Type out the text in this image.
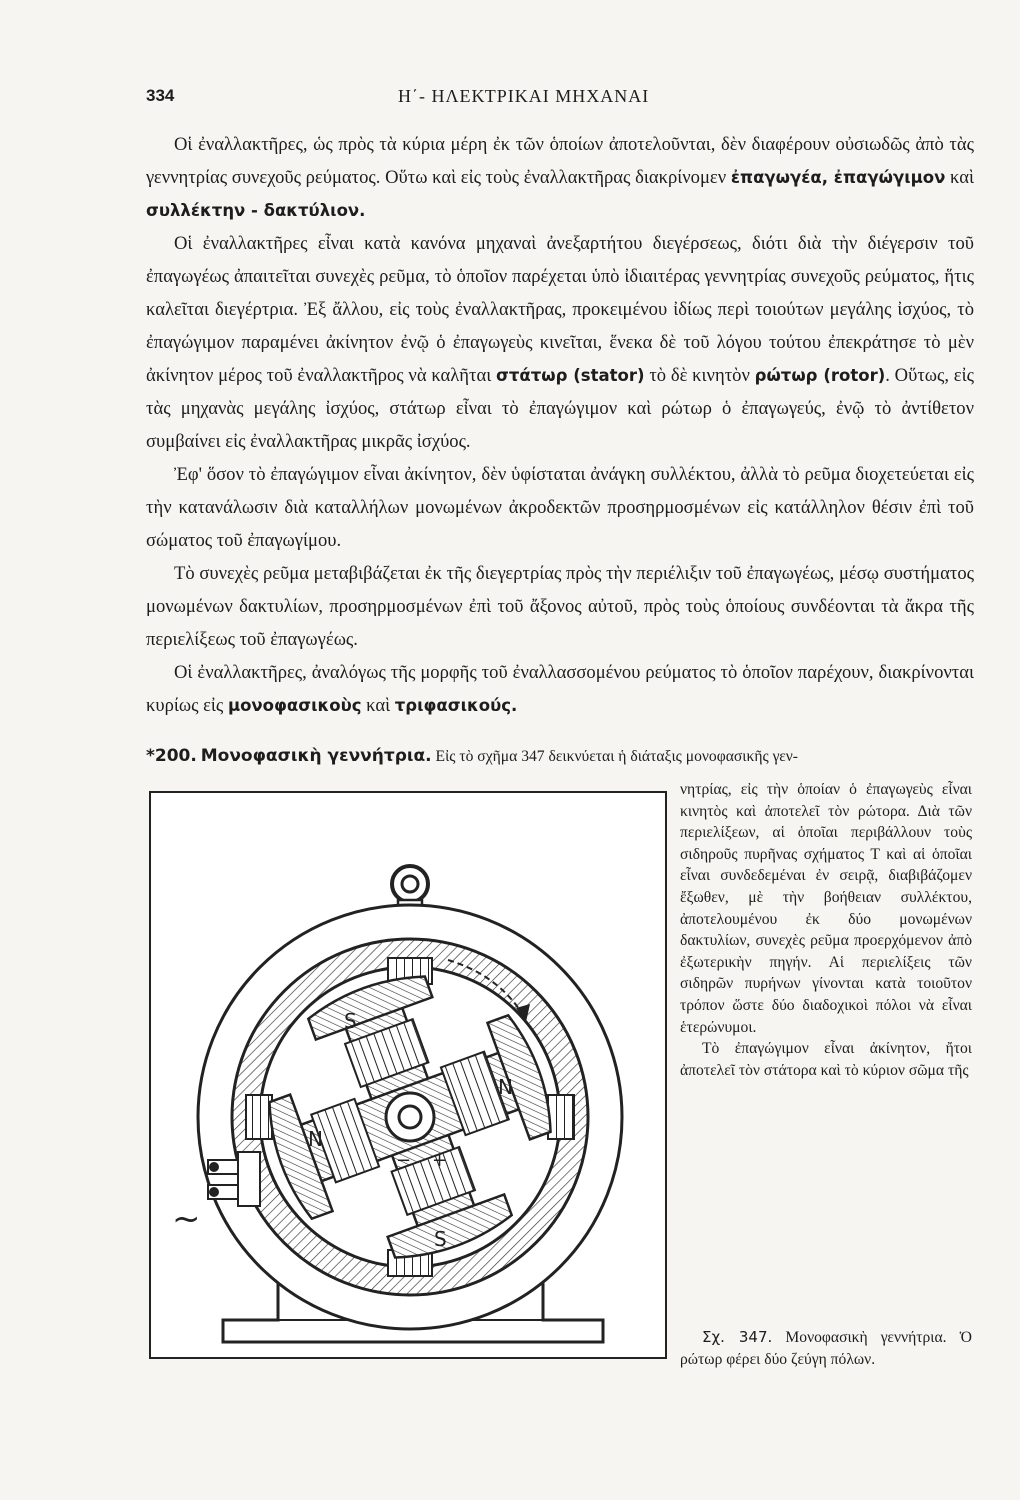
334	Η΄- ΗΛΕΚΤΡΙΚΑΙ ΜΗΧΑΝΑΙ

Οἱ ἐναλλακτῆρες, ὡς πρὸς τὰ κύρια μέρη ἐκ τῶν ὁποίων ἀποτελοῦνται, δὲν διαφέρουν οὐσιωδῶς ἀπὸ τὰς γεννητρίας συνεχοῦς ρεύματος. Οὕτω καὶ εἰς τοὺς ἐναλλακτῆρας διακρίνομεν ἐπαγωγέα, ἐπαγώγιμον καὶ συλλέκτην - δακτύλιον.

Οἱ ἐναλλακτῆρες εἶναι κατὰ κανόνα μηχαναὶ ἀνεξαρτήτου διεγέρσεως, διότι διὰ τὴν διέγερσιν τοῦ ἐπαγωγέως ἀπαιτεῖται συνεχὲς ρεῦμα, τὸ ὁποῖον παρέχεται ὑπὸ ἰδιαιτέρας γεννητρίας συνεχοῦς ρεύματος, ἥτις καλεῖται διεγέρτρια. Ἐξ ἄλλου, εἰς τοὺς ἐναλλακτῆρας, προκειμένου ἰδίως περὶ τοιούτων μεγάλης ἰσχύος, τὸ ἐπαγώγιμον παραμένει ἀκίνητον ἐνῷ ὁ ἐπαγωγεὺς κινεῖται, ἕνεκα δὲ τοῦ λόγου τούτου ἐπεκράτησε τὸ μὲν ἀκίνητον μέρος τοῦ ἐναλλακτῆρος νὰ καλῆται στάτωρ (stator) τὸ δὲ κινητὸν ρώτωρ (rotor). Οὕτως, εἰς τὰς μηχανὰς μεγάλης ἰσχύος, στάτωρ εἶναι τὸ ἐπαγώγιμον καὶ ρώτωρ ὁ ἐπαγωγεύς, ἐνῷ τὸ ἀντίθετον συμβαίνει εἰς ἐναλλακτῆρας μικρᾶς ἰσχύος.

Ἐφ' ὅσον τὸ ἐπαγώγιμον εἶναι ἀκίνητον, δὲν ὑφίσταται ἀνάγκη συλλέκτου, ἀλλὰ τὸ ρεῦμα διοχετεύεται εἰς τὴν κατανάλωσιν διὰ καταλλήλων μονωμένων ἀκροδεκτῶν προσηρμοσμένων εἰς κατάλληλον θέσιν ἐπὶ τοῦ σώματος τοῦ ἐπαγωγίμου.

Τὸ συνεχὲς ρεῦμα μεταβιβάζεται ἐκ τῆς διεγερτρίας πρὸς τὴν περιέλιξιν τοῦ ἐπαγωγέως, μέσῳ συστήματος μονωμένων δακτυλίων, προσηρμοσμένων ἐπὶ τοῦ ἄξονος αὐτοῦ, πρὸς τοὺς ὁποίους συνδέονται τὰ ἄκρα τῆς περιελίξεως τοῦ ἐπαγωγέως.

Οἱ ἐναλλακτῆρες, ἀναλόγως τῆς μορφῆς τοῦ ἐναλλασσομένου ρεύματος τὸ ὁποῖον παρέχουν, διακρίνονται κυρίως εἰς μονοφασικοὺς καὶ τριφασικούς.

*200. Μονοφασικὴ γεννήτρια. Εἰς τὸ σχῆμα 347 δεικνύεται ἡ διάταξις μονοφασικῆς γεν-

νητρίας, εἰς τὴν ὁποίαν ὁ ἐπαγωγεὺς εἶναι κινητὸς καὶ ἀποτελεῖ τὸν ρώτορα. Διὰ τῶν περιελίξεων, αἱ ὁποῖαι περιβάλλουν τοὺς σιδηροῦς πυρῆνας σχήματος Τ καὶ αἱ ὁποῖαι εἶναι συνδεδεμέναι ἐν σειρᾷ, διαβιβάζομεν ἔξωθεν, μὲ τὴν βοήθειαν συλλέκτου, ἀποτελουμένου ἐκ δύο μονωμένων δακτυλίων, συνεχὲς ρεῦμα προερχόμενον ἀπὸ ἐξωτερικὴν πηγήν. Αἱ περιελίξεις τῶν σιδηρῶν πυρήνων γίνονται κατὰ τοιοῦτον τρόπον ὥστε δύο διαδοχικοὶ πόλοι νὰ εἶναι ἑτερώνυμοι.

Τὸ ἐπαγώγιμον εἶναι ἀκίνητον, ἤτοι ἀποτελεῖ τὸν στάτορα καὶ τὸ κύριον σῶμα τῆς

Σχ. 347. Μονοφασικὴ γεννήτρια. Ὁ ρώτωρ φέρει δύο ζεύγη πόλων.
S
N
N
S
+
−
~
